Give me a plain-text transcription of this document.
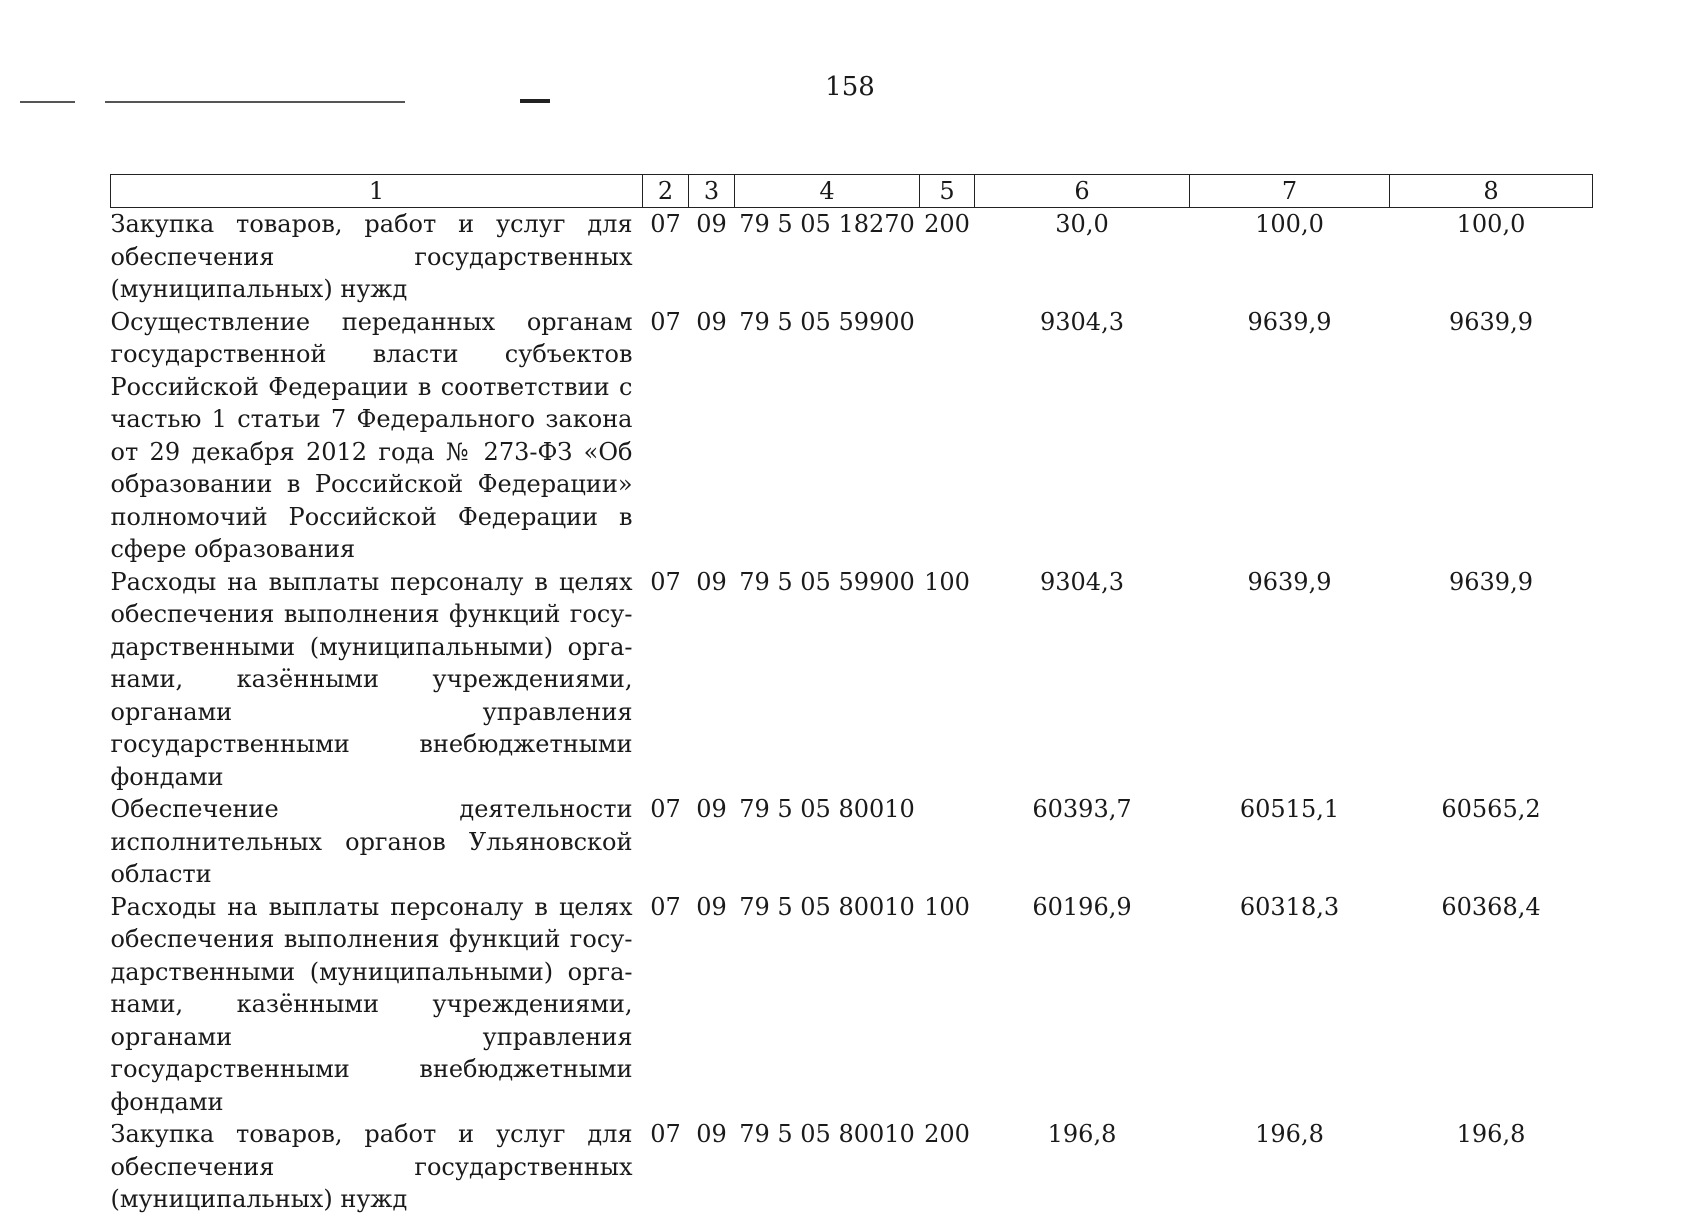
158
1	2	3	4	5	6	7	8
Закупка товаров, работ и услуг для обеспечения государственных (муниципальных) нужд	07	09	79 5 05 18270	200	30,0	100,0	100,0
Осуществление переданных органам государственной власти субъектов Российской Федерации в соответствии с частью 1 статьи 7 Федерального закона от 29 декабря 2012 года № 273-ФЗ «Об образовании в Российской Федерации» полномочий Российской Федерации в сфере образования	07	09	79 5 05 59900		9304,3	9639,9	9639,9
Расходы на выплаты персоналу в целях обеспечения выполнения функций государственными (муниципальными) органами, казёнными учреждениями, органами управления государственными внебюджетными фондами	07	09	79 5 05 59900	100	9304,3	9639,9	9639,9
Обеспечение деятельности исполнительных органов Ульяновской области	07	09	79 5 05 80010		60393,7	60515,1	60565,2
Расходы на выплаты персоналу в целях обеспечения выполнения функций государственными (муниципальными) органами, казёнными учреждениями, органами управления государственными внебюджетными фондами	07	09	79 5 05 80010	100	60196,9	60318,3	60368,4
Закупка товаров, работ и услуг для обеспечения государственных (муниципальных) нужд	07	09	79 5 05 80010	200	196,8	196,8	196,8
